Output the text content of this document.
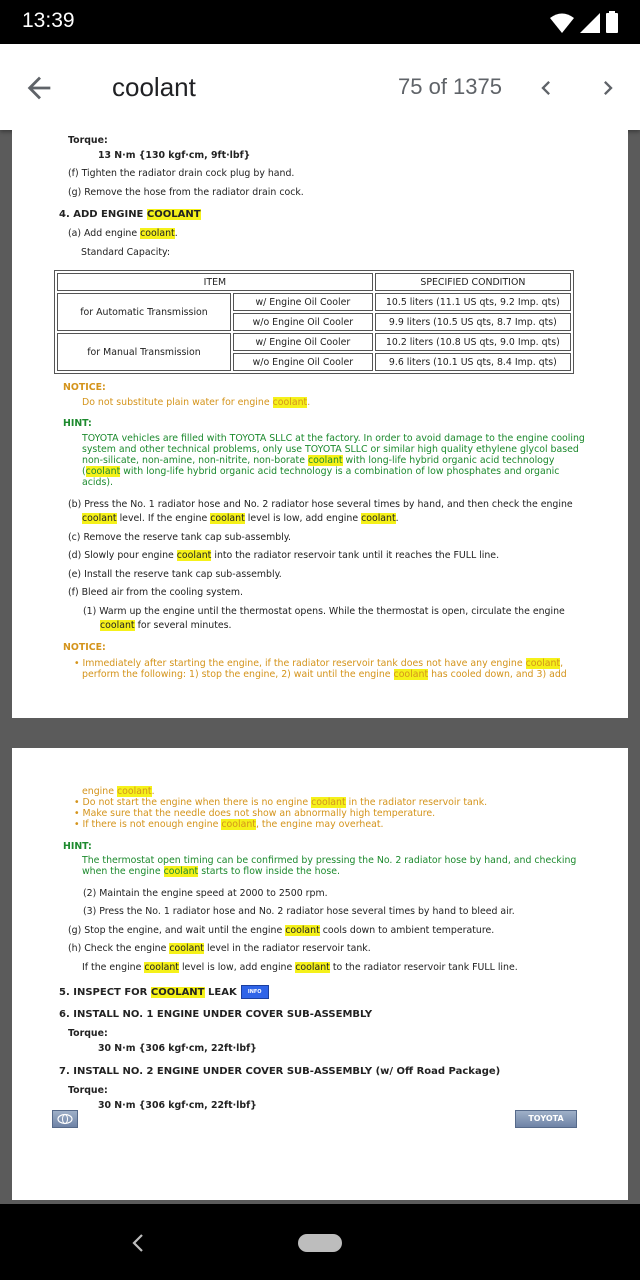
13:39
coolant	75 of 1375
Torque:
13 N·m {130 kgf·cm, 9ft·lbf}
(f) Tighten the radiator drain cock plug by hand.
(g) Remove the hose from the radiator drain cock.
4. ADD ENGINE COOLANT
(a) Add engine coolant.
Standard Capacity:
ITEM		SPECIFIED CONDITION
for Automatic Transmission	w/ Engine Oil Cooler	10.5 liters (11.1 US qts, 9.2 Imp. qts)
	w/o Engine Oil Cooler	9.9 liters (10.5 US qts, 8.7 Imp. qts)
for Manual Transmission	w/ Engine Oil Cooler	10.2 liters (10.8 US qts, 9.0 Imp. qts)
	w/o Engine Oil Cooler	9.6 liters (10.1 US qts, 8.4 Imp. qts)
NOTICE:
Do not substitute plain water for engine coolant.
HINT:
TOYOTA vehicles are filled with TOYOTA SLLC at the factory. In order to avoid damage to the engine cooling
system and other technical problems, only use TOYOTA SLLC or similar high quality ethylene glycol based
non-silicate, non-amine, non-nitrite, non-borate coolant with long-life hybrid organic acid technology
(coolant with long-life hybrid organic acid technology is a combination of low phosphates and organic
acids).
(b) Press the No. 1 radiator hose and No. 2 radiator hose several times by hand, and then check the engine
coolant level. If the engine coolant level is low, add engine coolant.
(c) Remove the reserve tank cap sub-assembly.
(d) Slowly pour engine coolant into the radiator reservoir tank until it reaches the FULL line.
(e) Install the reserve tank cap sub-assembly.
(f) Bleed air from the cooling system.
(1) Warm up the engine until the thermostat opens. While the thermostat is open, circulate the engine
coolant for several minutes.
NOTICE:
• Immediately after starting the engine, if the radiator reservoir tank does not have any engine coolant,
perform the following: 1) stop the engine, 2) wait until the engine coolant has cooled down, and 3) add
engine coolant.
• Do not start the engine when there is no engine coolant in the radiator reservoir tank.
• Make sure that the needle does not show an abnormally high temperature.
• If there is not enough engine coolant, the engine may overheat.
HINT:
The thermostat open timing can be confirmed by pressing the No. 2 radiator hose by hand, and checking
when the engine coolant starts to flow inside the hose.
(2) Maintain the engine speed at 2000 to 2500 rpm.
(3) Press the No. 1 radiator hose and No. 2 radiator hose several times by hand to bleed air.
(g) Stop the engine, and wait until the engine coolant cools down to ambient temperature.
(h) Check the engine coolant level in the radiator reservoir tank.
If the engine coolant level is low, add engine coolant to the radiator reservoir tank FULL line.
5. INSPECT FOR COOLANT LEAK INFO
6. INSTALL NO. 1 ENGINE UNDER COVER SUB-ASSEMBLY
Torque:
30 N·m {306 kgf·cm, 22ft·lbf}
7. INSTALL NO. 2 ENGINE UNDER COVER SUB-ASSEMBLY (w/ Off Road Package)
Torque:
30 N·m {306 kgf·cm, 22ft·lbf}
TOYOTA
